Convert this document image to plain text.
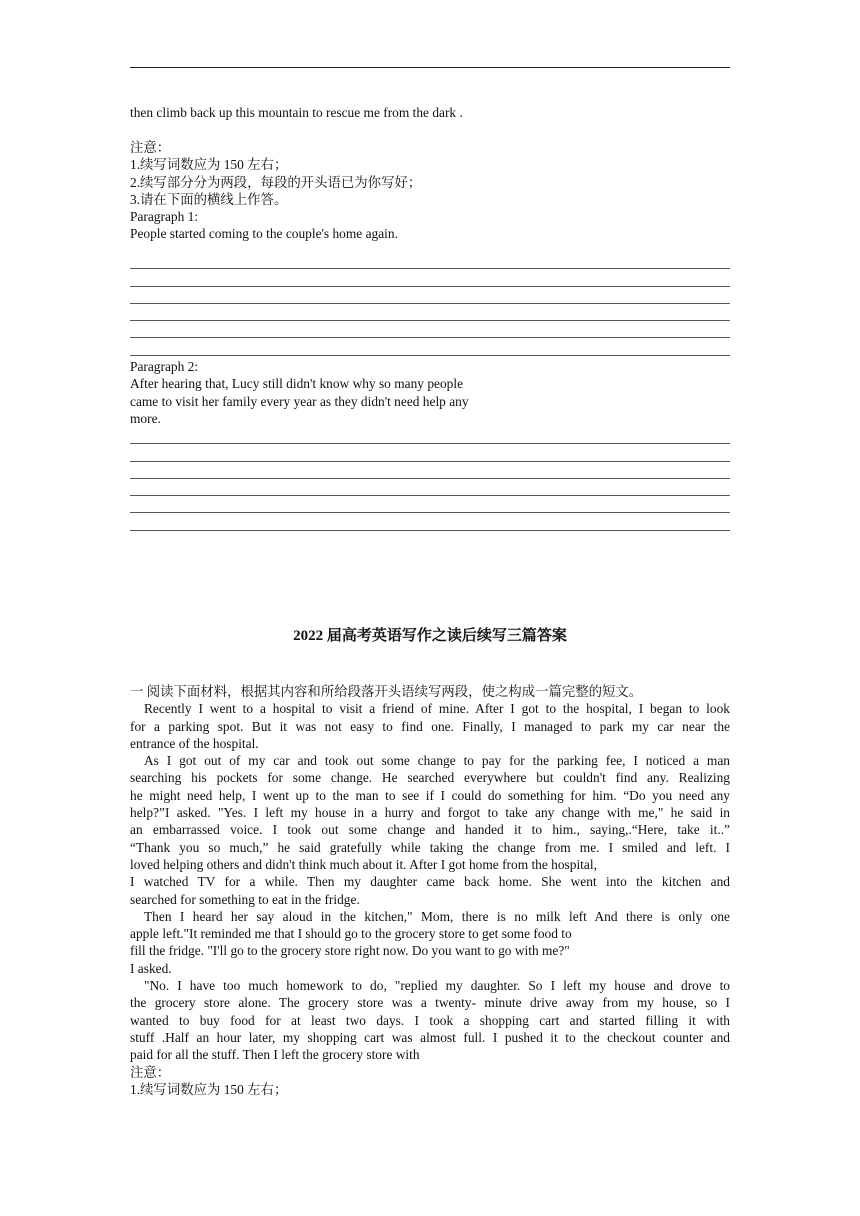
then climb back up this mountain to rescue me from the dark .
注意：
1.续写词数应为 150 左右；
2.续写部分分为两段，每段的开头语已为你写好；
3.请在下面的横线上作答。
Paragraph 1:
People started coming to the couple's home again.
Paragraph 2:
After hearing that, Lucy still didn't know why so many people
came to visit her family every year as they didn't need help any
more.
2022 届高考英语写作之读后续写三篇答案
一 阅读下面材料，根据其内容和所给段落开头语续写两段，使之构成一篇完整的短文。
Recently I went to a hospital to visit a friend of mine. After I got to the hospital, I began to look
for a parking spot. But it was not easy to find one. Finally, I managed to park my car near the
entrance of the hospital.
As I got out of my car and took out some change to pay for the parking fee, I noticed a man
searching his pockets for some change. He searched everywhere but couldn't find any. Realizing
he might need help, I went up to the man to see if I could do something for him. “Do you need any
help?”I asked. "Yes. I left my house in a hurry and forgot to take any change with me," he said in
an embarrassed voice. I took out some change and handed it to him., saying,.“Here, take it..”
“Thank you so much,” he said gratefully while taking the change from me. I smiled and left. I
loved helping others and didn't think much about it. After I got home from the hospital,
I watched TV for a while. Then my daughter came back home. She went into the kitchen and
searched for something to eat in the fridge.
Then I heard her say aloud in the kitchen," Mom, there is no milk left And there is only one
apple left."It reminded me that I should go to the grocery store to get some food to
fill the fridge. "I'll go to the grocery store right now. Do you want to go with me?"
I asked.
"No. I have too much homework to do, "replied my daughter. So I left my house and drove to
the grocery store alone. The grocery store was a twenty- minute drive away from my house, so I
wanted to buy food for at least two days. I took a shopping cart and started filling it with
stuff .Half an hour later, my shopping cart was almost full. I pushed it to the checkout counter and
paid for all the stuff. Then I left the grocery store with
注意：
1.续写词数应为 150 左右；
